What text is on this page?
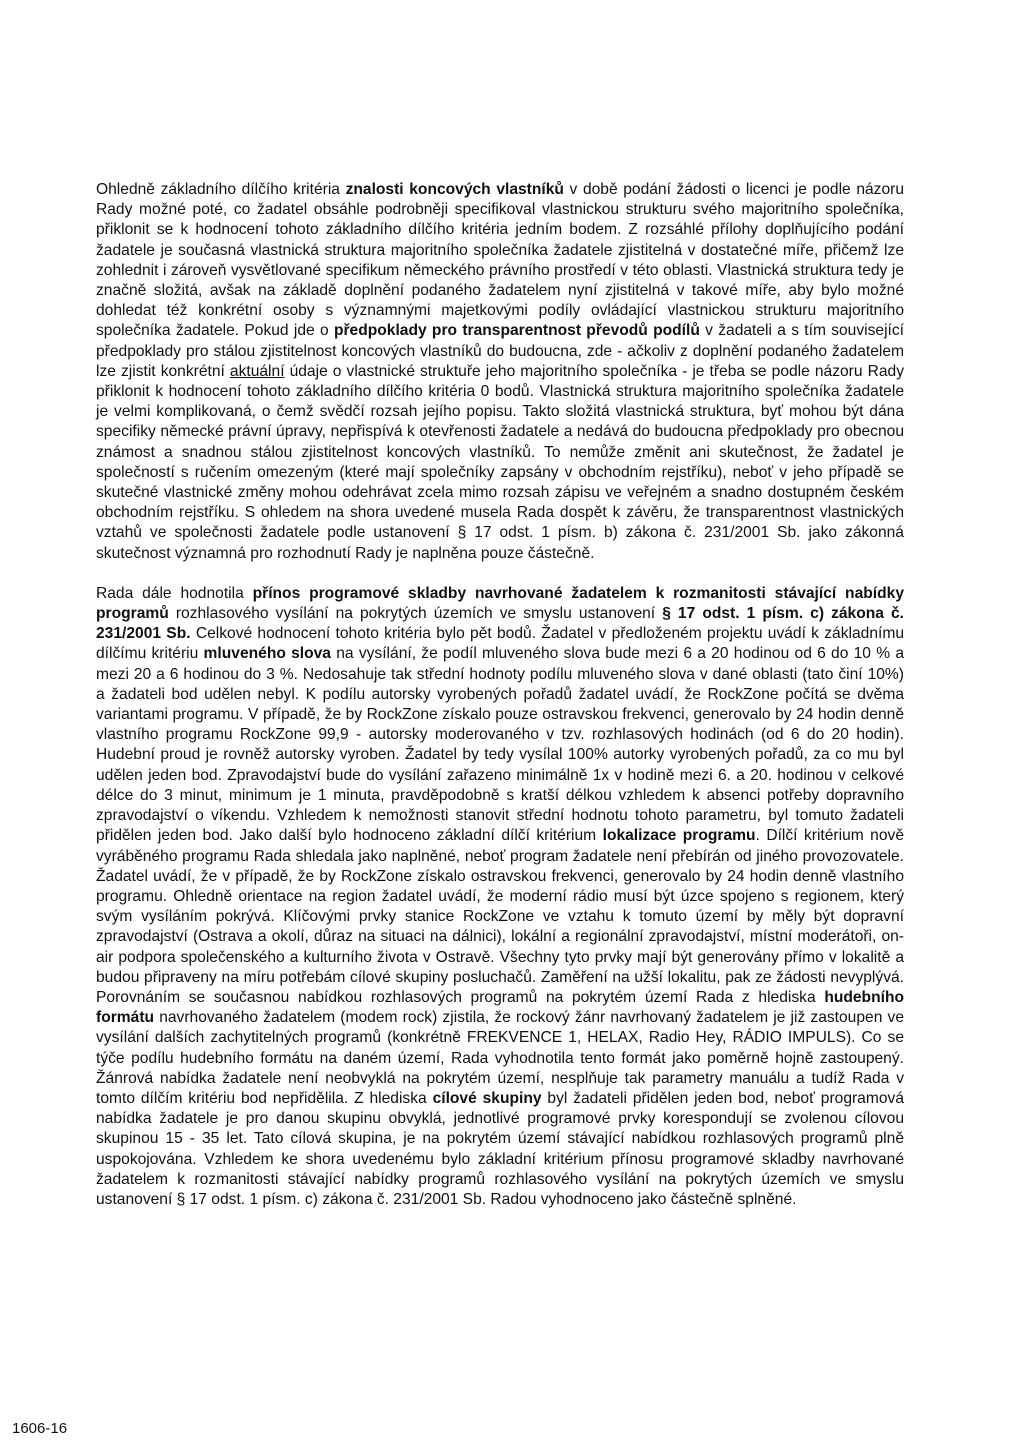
Ohledně základního dílčího kritéria znalosti koncových vlastníků v době podání žádosti o licenci je podle názoru Rady možné poté, co žadatel obsáhle podrobněji specifikoval vlastnickou strukturu svého majoritního společníka, přiklonit se k hodnocení tohoto základního dílčího kritéria jedním bodem. Z rozsáhlé přílohy doplňujícího podání žadatele je současná vlastnická struktura majoritního společníka žadatele zjistitelná v dostatečné míře, přičemž lze zohlednit i zároveň vysvětlované specifikum německého právního prostředí v této oblasti. Vlastnická struktura tedy je značně složitá, avšak na základě doplnění podaného žadatelem nyní zjistitelná v takové míře, aby bylo možné dohledat též konkrétní osoby s významnými majetkovými podíly ovládající vlastnickou strukturu majoritního společníka žadatele. Pokud jde o předpoklady pro transparentnost převodů podílů v žadateli a s tím související předpoklady pro stálou zjistitelnost koncových vlastníků do budoucna, zde - ačkoliv z doplnění podaného žadatelem lze zjistit konkrétní aktuální údaje o vlastnické struktuře jeho majoritního společníka - je třeba se podle názoru Rady přiklonit k hodnocení tohoto základního dílčího kritéria 0 bodů. Vlastnická struktura majoritního společníka žadatele je velmi komplikovaná, o čemž svědčí rozsah jejího popisu. Takto složitá vlastnická struktura, byť mohou být dána specifiky německé právní úpravy, nepřispívá k otevřenosti žadatele a nedává do budoucna předpoklady pro obecnou známost a snadnou stálou zjistitelnost koncových vlastníků. To nemůže změnit ani skutečnost, že žadatel je společností s ručením omezeným (které mají společníky zapsány v obchodním rejstříku), neboť v jeho případě se skutečné vlastnické změny mohou odehrávat zcela mimo rozsah zápisu ve veřejném a snadno dostupném českém obchodním rejstříku. S ohledem na shora uvedené musela Rada dospět k závěru, že transparentnost vlastnických vztahů ve společnosti žadatele podle ustanovení § 17 odst. 1 písm. b) zákona č. 231/2001 Sb. jako zákonná skutečnost významná pro rozhodnutí Rady je naplněna pouze částečně.

Rada dále hodnotila přínos programové skladby navrhované žadatelem k rozmanitosti stávající nabídky programů rozhlasového vysílání na pokrytých územích ve smyslu ustanovení § 17 odst. 1 písm. c) zákona č. 231/2001 Sb. Celkové hodnocení tohoto kritéria bylo pět bodů. Žadatel v předloženém projektu uvádí k základnímu dílčímu kritériu mluveného slova na vysílání, že podíl mluveného slova bude mezi 6 a 20 hodinou od 6 do 10 % a mezi 20 a 6 hodinou do 3 %. Nedosahuje tak střední hodnoty podílu mluveného slova v dané oblasti (tato činí 10%) a žadateli bod udělen nebyl. K podílu autorsky vyrobených pořadů žadatel uvádí, že RockZone počítá se dvěma variantami programu. V případě, že by RockZone získalo pouze ostravskou frekvenci, generovalo by 24 hodin denně vlastního programu RockZone 99,9 - autorsky moderovaného v tzv. rozhlasových hodinách (od 6 do 20 hodin). Hudební proud je rovněž autorsky vyroben. Žadatel by tedy vysílal 100% autorky vyrobených pořadů, za co mu byl udělen jeden bod. Zpravodajství bude do vysílání zařazeno minimálně 1x v hodině mezi 6. a 20. hodinou v celkové délce do 3 minut, minimum je 1 minuta, pravděpodobně s kratší délkou vzhledem k absenci potřeby dopravního zpravodajství o víkendu. Vzhledem k nemožnosti stanovit střední hodnotu tohoto parametru, byl tomuto žadateli přidělen jeden bod. Jako další bylo hodnoceno základní dílčí kritérium lokalizace programu. Dílčí kritérium nově vyráběného programu Rada shledala jako naplněné, neboť program žadatele není přebírán od jiného provozovatele. Žadatel uvádí, že v případě, že by RockZone získalo ostravskou frekvenci, generovalo by 24 hodin denně vlastního programu. Ohledně orientace na region žadatel uvádí, že moderní rádio musí být úzce spojeno s regionem, který svým vysíláním pokrývá. Klíčovými prvky stanice RockZone ve vztahu k tomuto území by měly být dopravní zpravodajství (Ostrava a okolí, důraz na situaci na dálnici), lokální a regionální zpravodajství, místní moderátoři, on-air podpora společenského a kulturního života v Ostravě. Všechny tyto prvky mají být generovány přímo v lokalitě a budou připraveny na míru potřebám cílové skupiny posluchačů. Zaměření na užší lokalitu, pak ze žádosti nevyplývá. Porovnáním se současnou nabídkou rozhlasových programů na pokrytém území Rada z hlediska hudebního formátu navrhovaného žadatelem (modem rock) zjistila, že rockový žánr navrhovaný žadatelem je již zastoupen ve vysílání dalších zachytitelných programů (konkrétně FREKVENCE 1, HELAX, Radio Hey, RÁDIO IMPULS). Co se týče podílu hudebního formátu na daném území, Rada vyhodnotila tento formát jako poměrně hojně zastoupený. Žánrová nabídka žadatele není neobvyklá na pokrytém území, nesplňuje tak parametry manuálu a tudíž Rada v tomto dílčím kritériu bod nepřidělila. Z hlediska cílové skupiny byl žadateli přidělen jeden bod, neboť programová nabídka žadatele je pro danou skupinu obvyklá, jednotlivé programové prvky korespondují se zvolenou cílovou skupinou 15 - 35 let. Tato cílová skupina, je na pokrytém území stávající nabídkou rozhlasových programů plně uspokojována. Vzhledem ke shora uvedenému bylo základní kritérium přínosu programové skladby navrhované žadatelem k rozmanitosti stávající nabídky programů rozhlasového vysílání na pokrytých územích ve smyslu ustanovení § 17 odst. 1 písm. c) zákona č. 231/2001 Sb. Radou vyhodnoceno jako částečně splněné.

1606-16
